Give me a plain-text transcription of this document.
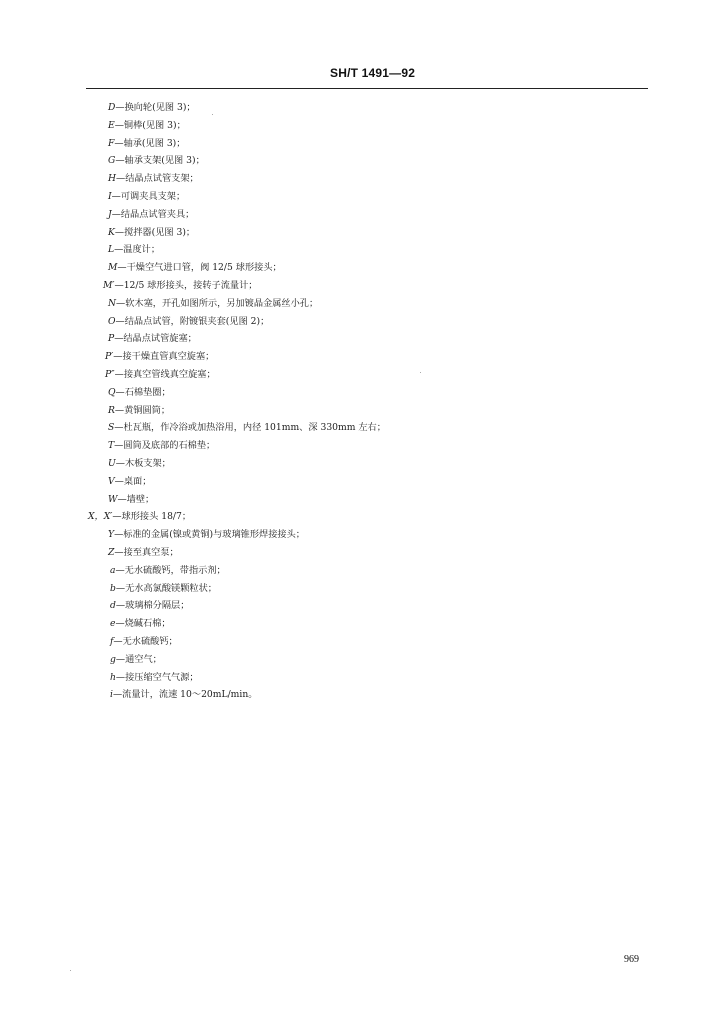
SH/T 1491—92
D—换向轮(见图 3)；
E—铜棒(见图 3)；
F—轴承(见图 3)；
G—轴承支架(见图 3)；
H—结晶点试管支架；
I—可调夹具支架；
J—结晶点试管夹具；
K—搅拌器(见图 3)；
L—温度计；
M—干燥空气进口管，阀 12/5 球形接头；
M′—12/5 球形接头，接转子流量计；
N—软木塞，开孔如图所示，另加镀晶金属丝小孔；
O—结晶点试管，附镀银夹套(见图 2)；
P—结晶点试管旋塞；
P′—接干燥直管真空旋塞；
P″—接真空管线真空旋塞；
Q—石棉垫圈；
R—黄铜圆筒；
S—杜瓦瓶，作冷浴或加热浴用，内径 101mm、深 330mm 左右；
T—圆筒及底部的石棉垫；
U—木板支架；
V—桌面；
W—墙壁；
X，X′—球形接头 18/7；
Y—标准的金属(镍或黄铜)与玻璃锥形焊接接头；
Z—接至真空泵；
a—无水硫酸钙，带指示剂；
b—无水高氯酸镁颗粒状；
d—玻璃棉分隔层；
e—烧碱石棉；
f—无水硫酸钙；
g—通空气；
h—接压缩空气气源；
i—流量计，流速 10～20mL/min。
969
